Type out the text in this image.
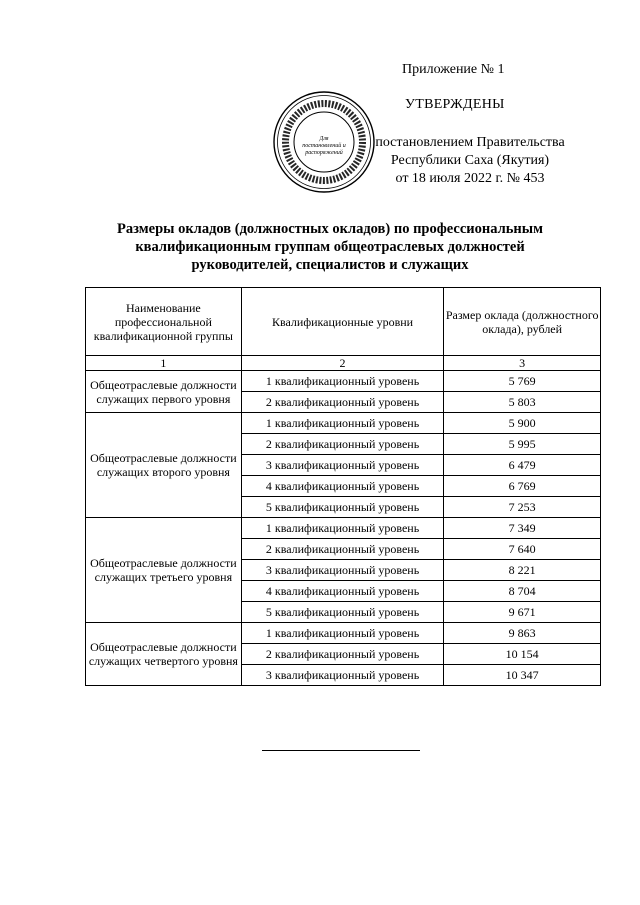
Приложение № 1
УТВЕРЖДЕНЫ
Для
постановлений и
распоряжений
постановлением Правительства
Республики Саха (Якутия)
от 18 июля 2022 г. № 453
Размеры окладов (должностных окладов) по профессиональным
квалификационным группам общеотраслевых должностей
руководителей, специалистов и служащих
Наименование профессиональной квалификационной группы	Квалификационные уровни	Размер оклада (должностного оклада), рублей
1	2	3
Общеотраслевые должности служащих первого уровня	1 квалификационный уровень	5 769
	2 квалификационный уровень	5 803
Общеотраслевые должности служащих второго уровня	1 квалификационный уровень	5 900
	2 квалификационный уровень	5 995
	3 квалификационный уровень	6 479
	4 квалификационный уровень	6 769
	5 квалификационный уровень	7 253
Общеотраслевые должности служащих третьего уровня	1 квалификационный уровень	7 349
	2 квалификационный уровень	7 640
	3 квалификационный уровень	8 221
	4 квалификационный уровень	8 704
	5 квалификационный уровень	9 671
Общеотраслевые должности служащих четвертого уровня	1 квалификационный уровень	9 863
	2 квалификационный уровень	10 154
	3 квалификационный уровень	10 347
